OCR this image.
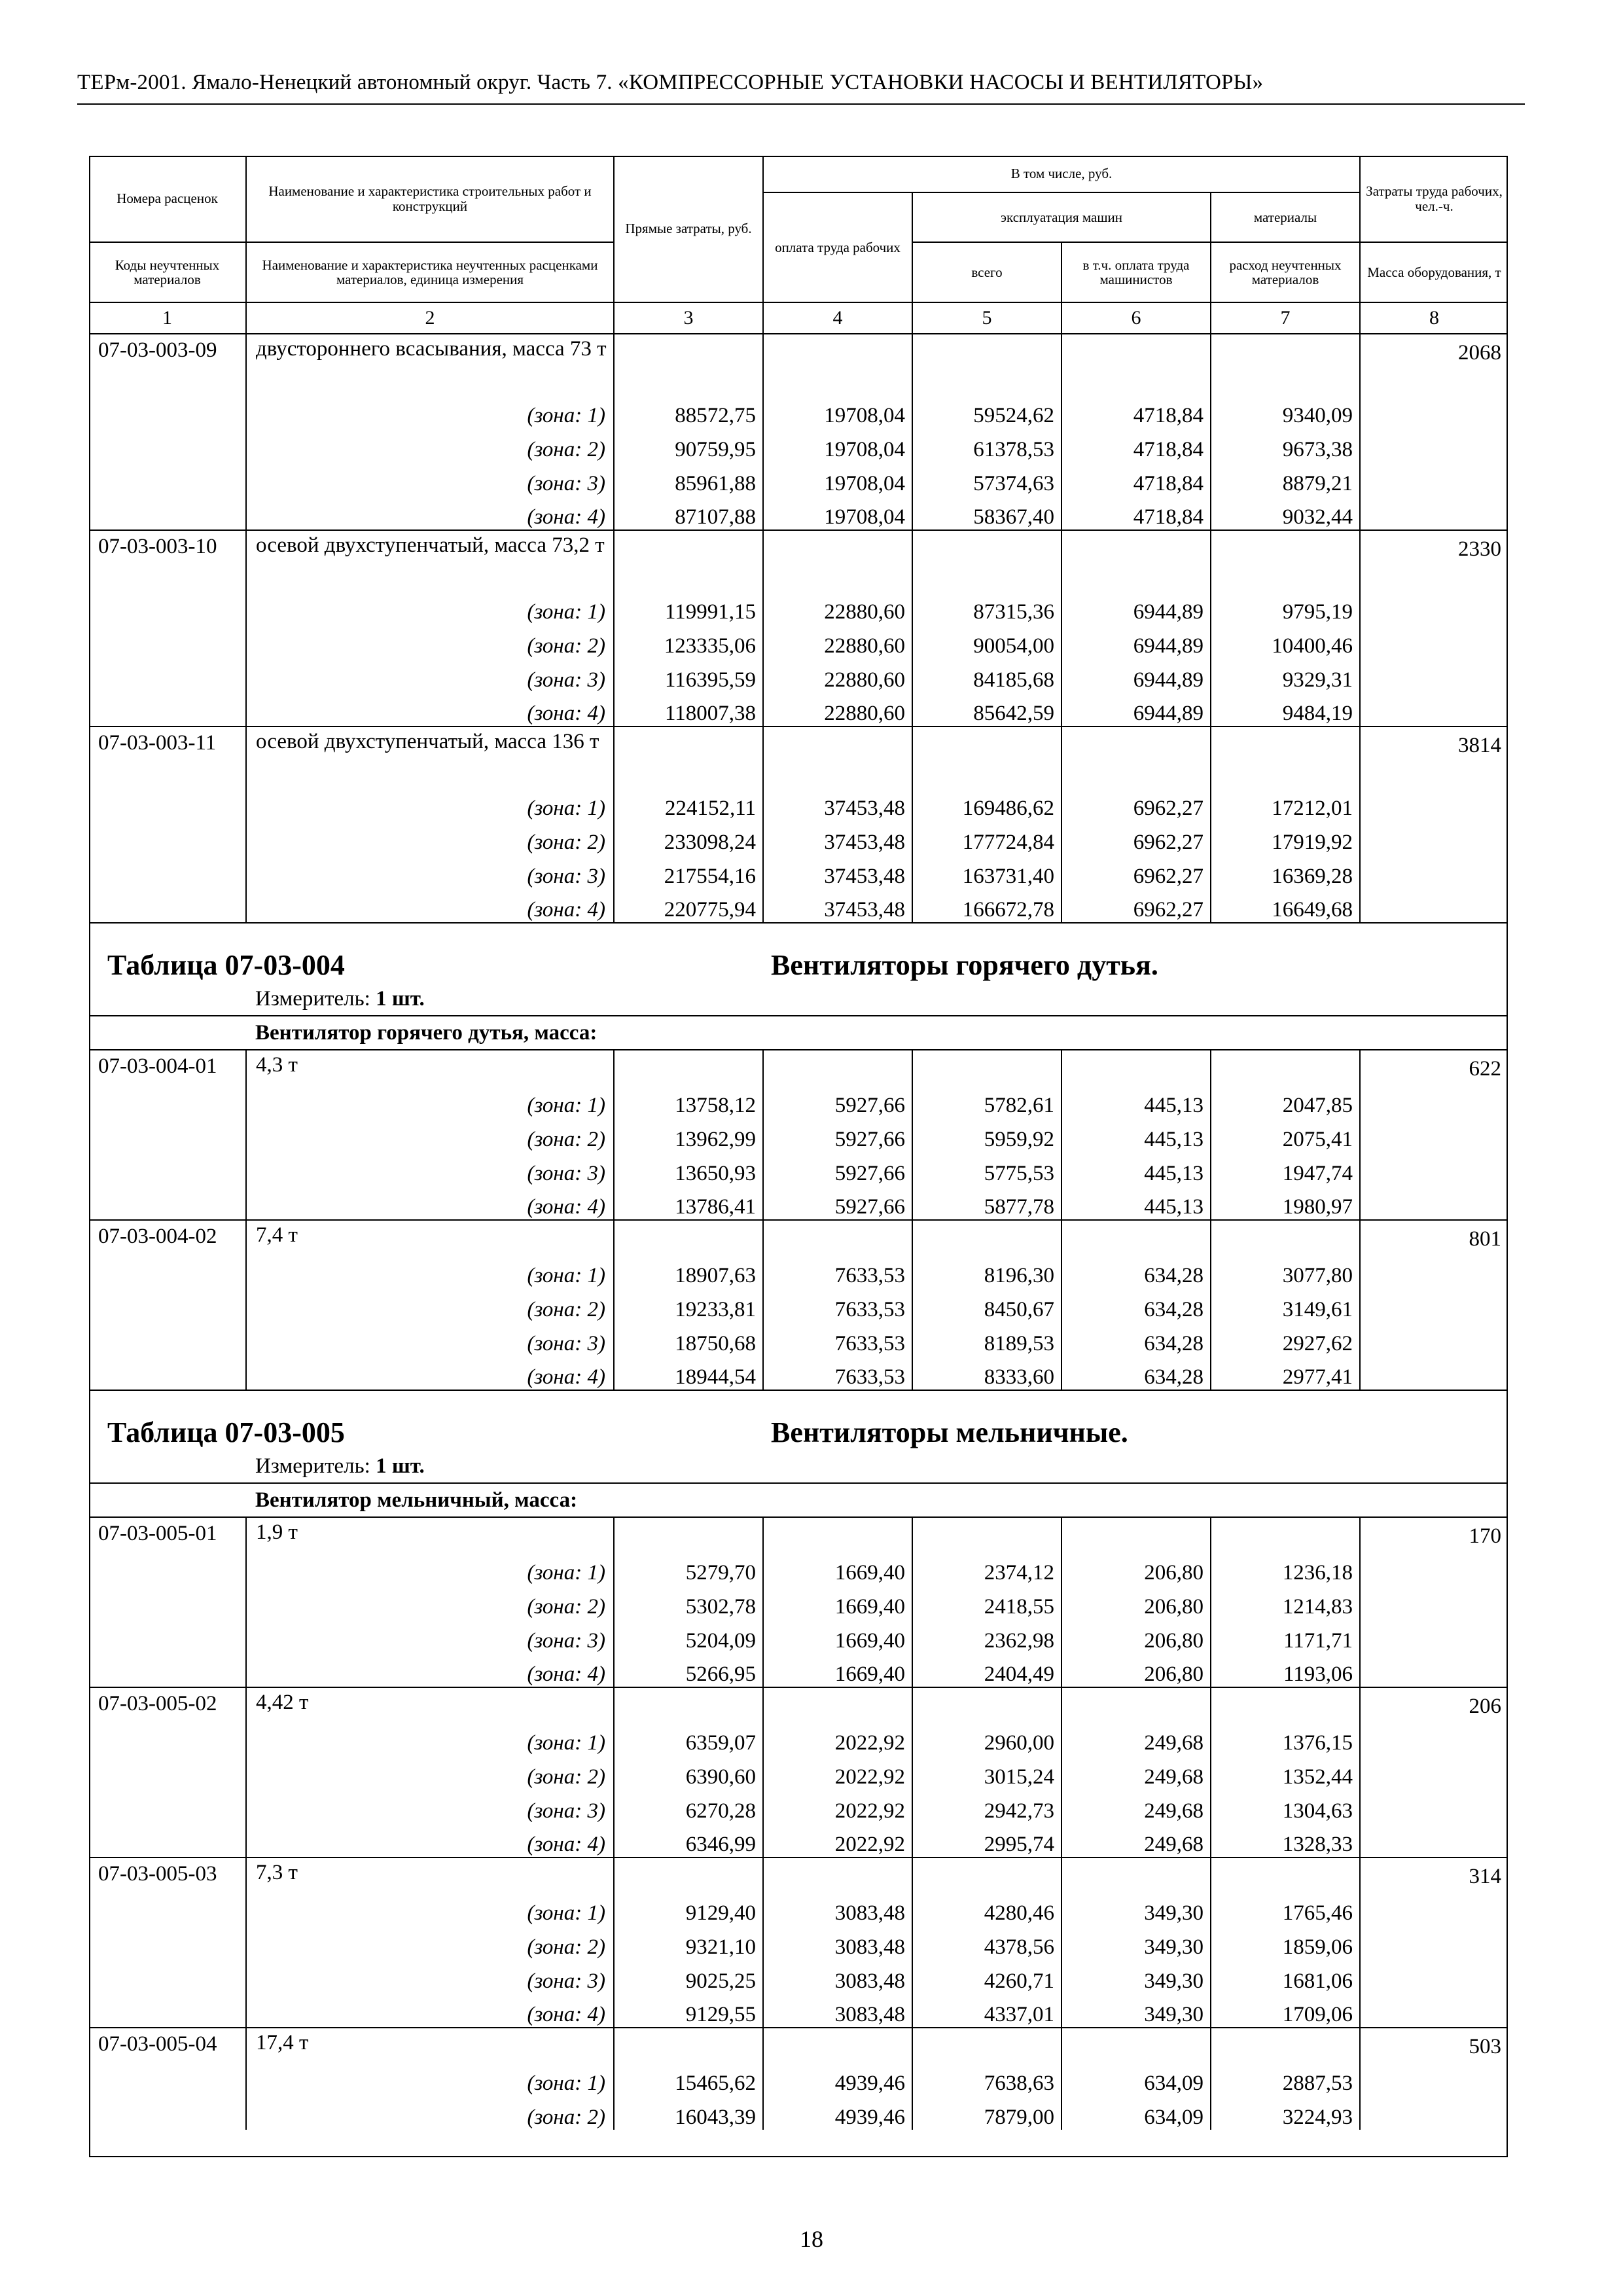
ТЕРм-2001. Ямало-Ненецкий автономный округ. Часть 7. «КОМПРЕССОРНЫЕ УСТАНОВКИ НАСОСЫ И ВЕНТИЛЯТОРЫ»
Номера расценок	Наименование и характеристика строительных работ и конструкций	Прямые затраты, руб.	В том числе, руб.				Затраты труда рабочих, чел.-ч.
			оплата труда рабочих	эксплуатация машин		материалы	
Коды неучтенных материалов	Наименование и характеристика неучтенных расценками материалов, единица измерения			всего	в т.ч. оплата труда машинистов	расход неучтенных материалов	Масса оборудования, т

1	2	3	4	5	6	7	8
07-03-003-09	двустороннего всасывания, масса 73 т						2068
	(зона: 1)	88572,75	19708,04	59524,62	4718,84	9340,09	
	(зона: 2)	90759,95	19708,04	61378,53	4718,84	9673,38	
	(зона: 3)	85961,88	19708,04	57374,63	4718,84	8879,21	
	(зона: 4)	87107,88	19708,04	58367,40	4718,84	9032,44	
07-03-003-10	осевой двухступенчатый, масса 73,2 т						2330
	(зона: 1)	119991,15	22880,60	87315,36	6944,89	9795,19	
	(зона: 2)	123335,06	22880,60	90054,00	6944,89	10400,46	
	(зона: 3)	116395,59	22880,60	84185,68	6944,89	9329,31	
	(зона: 4)	118007,38	22880,60	85642,59	6944,89	9484,19	
07-03-003-11	осевой двухступенчатый, масса 136 т						3814
	(зона: 1)	224152,11	37453,48	169486,62	6962,27	17212,01	
	(зона: 2)	233098,24	37453,48	177724,84	6962,27	17919,92	
	(зона: 3)	217554,16	37453,48	163731,40	6962,27	16369,28	
	(зона: 4)	220775,94	37453,48	166672,78	6962,27	16649,68	
Таблица 07-03-004			Вентиляторы горячего дутья.				
	Измеритель: 1 шт.						
	Вентилятор горячего дутья, масса:						
07-03-004-01	4,3 т						622
	(зона: 1)	13758,12	5927,66	5782,61	445,13	2047,85	
	(зона: 2)	13962,99	5927,66	5959,92	445,13	2075,41	
	(зона: 3)	13650,93	5927,66	5775,53	445,13	1947,74	
	(зона: 4)	13786,41	5927,66	5877,78	445,13	1980,97	
07-03-004-02	7,4 т						801
	(зона: 1)	18907,63	7633,53	8196,30	634,28	3077,80	
	(зона: 2)	19233,81	7633,53	8450,67	634,28	3149,61	
	(зона: 3)	18750,68	7633,53	8189,53	634,28	2927,62	
	(зона: 4)	18944,54	7633,53	8333,60	634,28	2977,41	
Таблица 07-03-005			Вентиляторы мельничные.				
	Измеритель: 1 шт.						
	Вентилятор мельничный, масса:						
07-03-005-01	1,9 т						170
	(зона: 1)	5279,70	1669,40	2374,12	206,80	1236,18	
	(зона: 2)	5302,78	1669,40	2418,55	206,80	1214,83	
	(зона: 3)	5204,09	1669,40	2362,98	206,80	1171,71	
	(зона: 4)	5266,95	1669,40	2404,49	206,80	1193,06	
07-03-005-02	4,42 т						206
	(зона: 1)	6359,07	2022,92	2960,00	249,68	1376,15	
	(зона: 2)	6390,60	2022,92	3015,24	249,68	1352,44	
	(зона: 3)	6270,28	2022,92	2942,73	249,68	1304,63	
	(зона: 4)	6346,99	2022,92	2995,74	249,68	1328,33	
07-03-005-03	7,3 т						314
	(зона: 1)	9129,40	3083,48	4280,46	349,30	1765,46	
	(зона: 2)	9321,10	3083,48	4378,56	349,30	1859,06	
	(зона: 3)	9025,25	3083,48	4260,71	349,30	1681,06	
	(зона: 4)	9129,55	3083,48	4337,01	349,30	1709,06	
07-03-005-04	17,4 т						503
	(зона: 1)	15465,62	4939,46	7638,63	634,09	2887,53	
	(зона: 2)	16043,39	4939,46	7879,00	634,09	3224,93	
18
